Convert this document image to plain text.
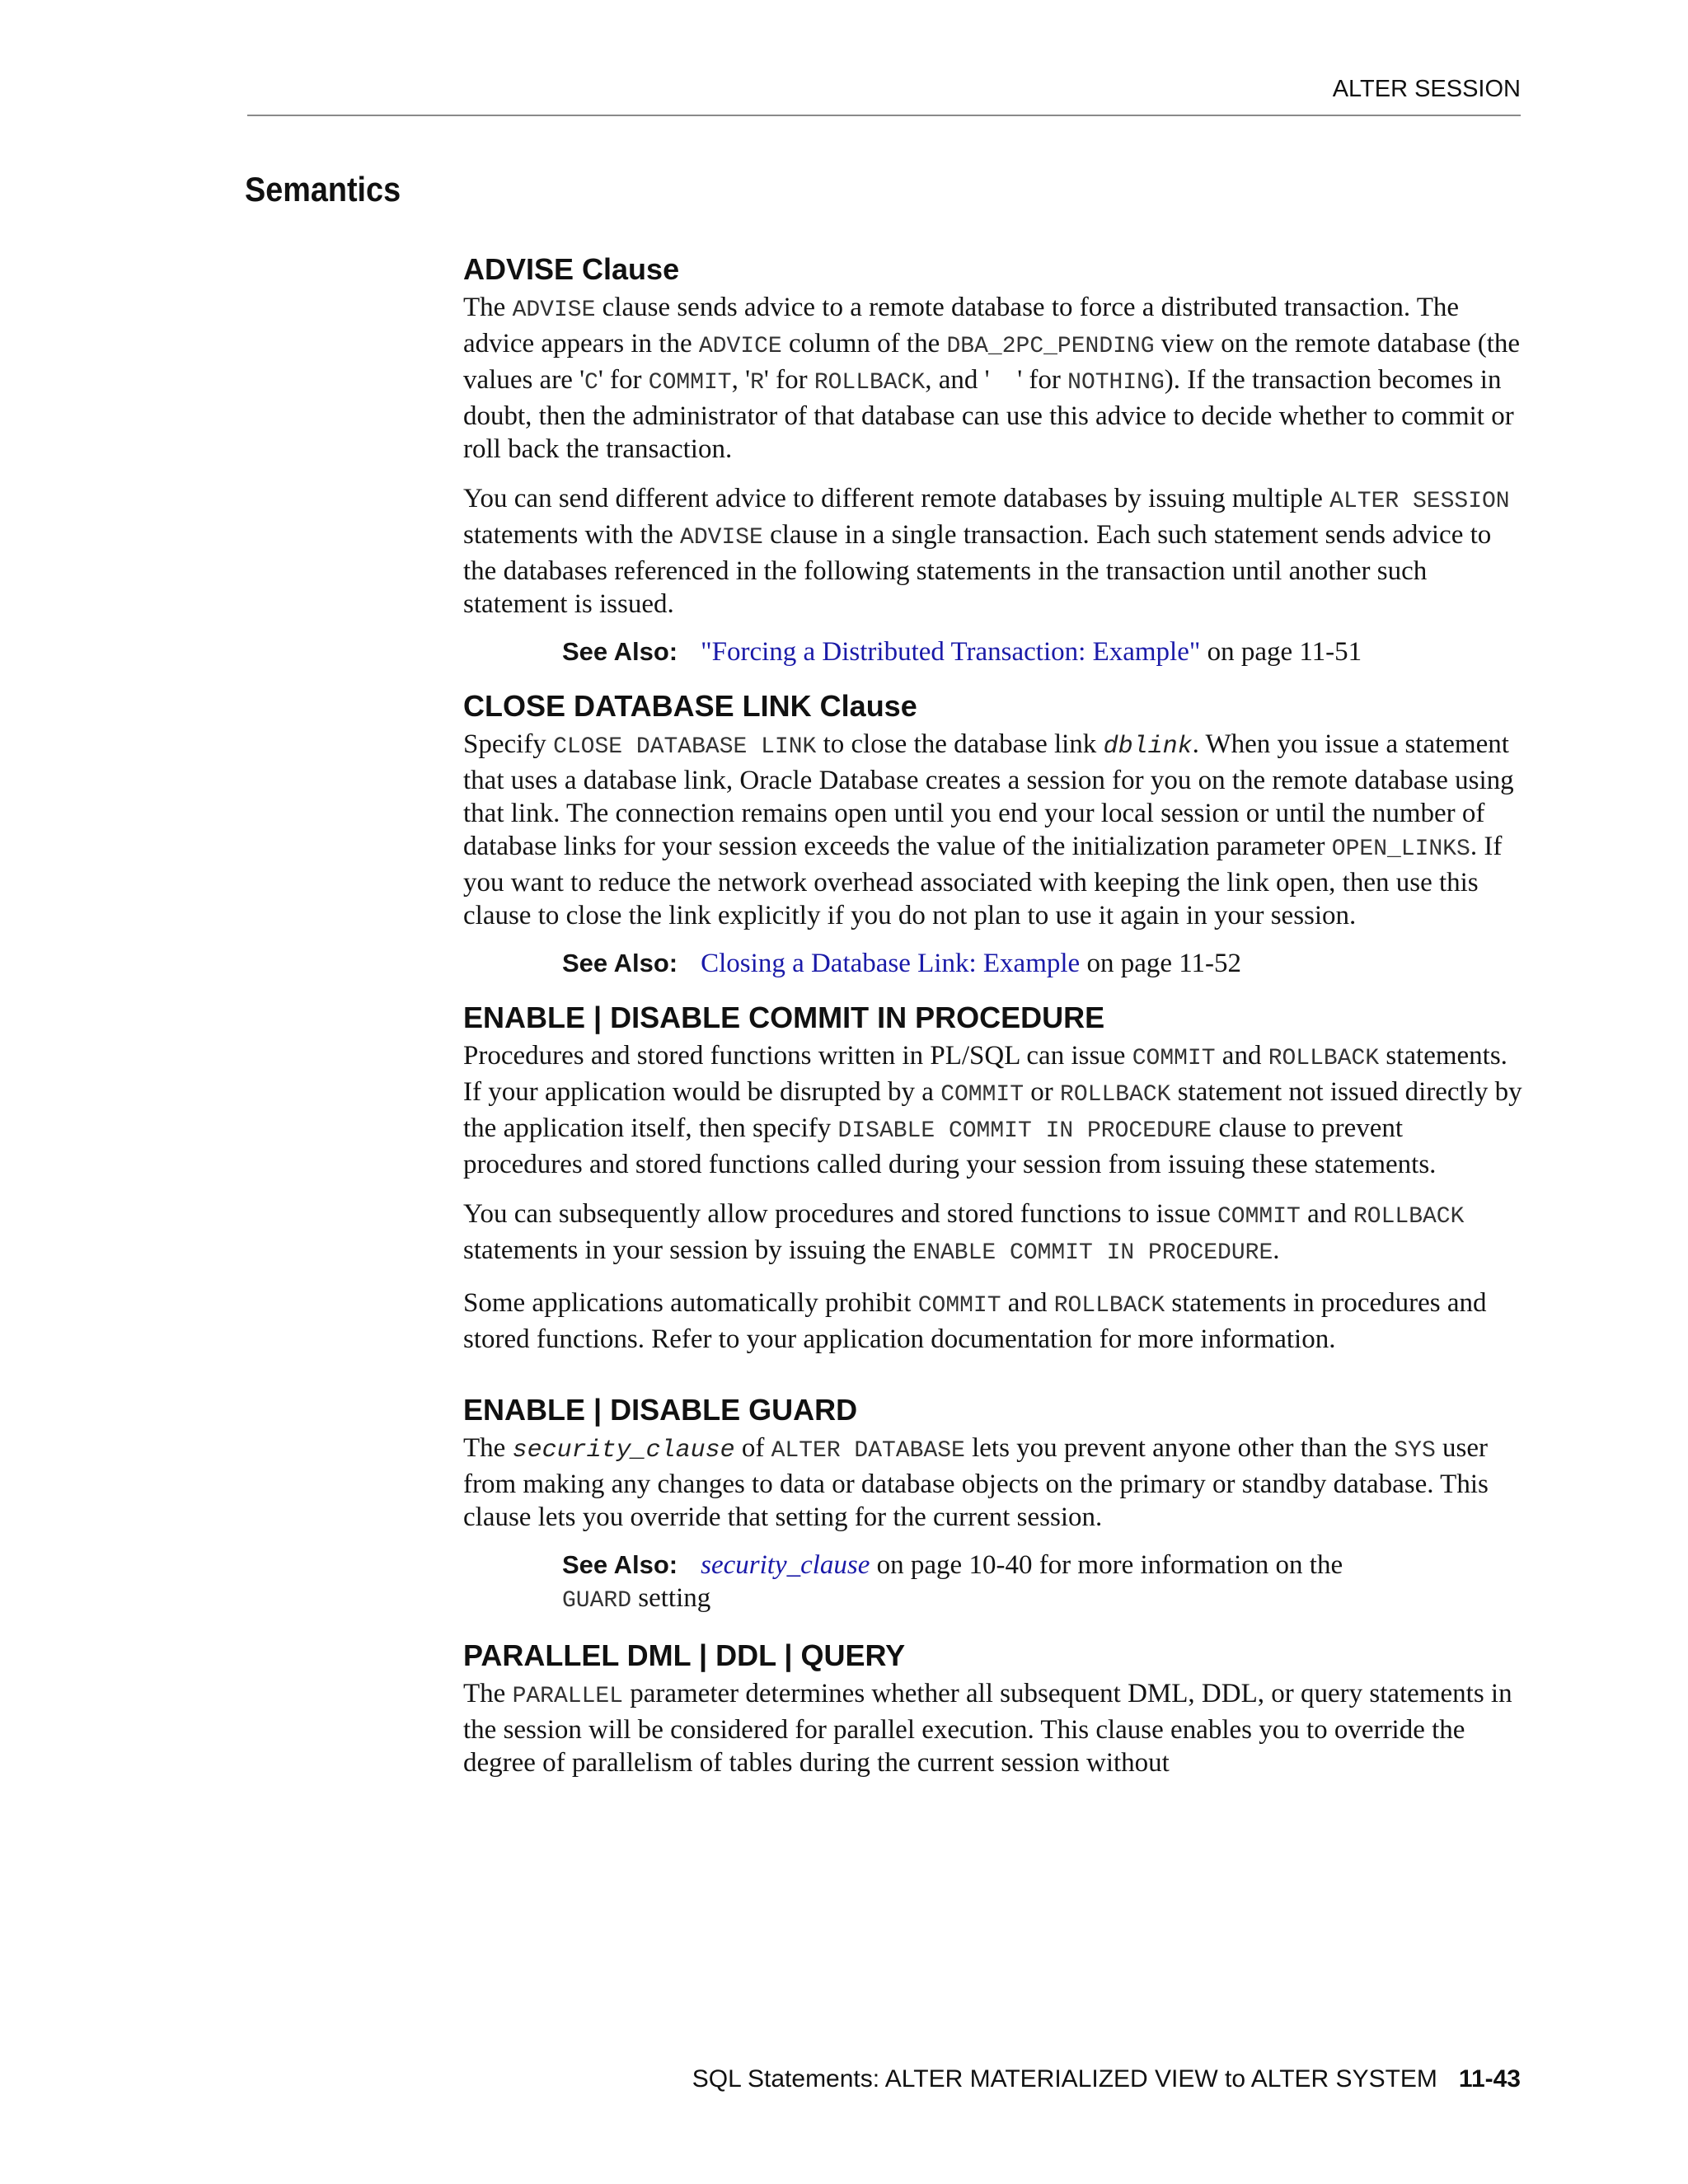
ALTER SESSION
Semantics
ADVISE Clause

The ADVISE clause sends advice to a remote database to force a distributed transaction. The advice appears in the ADVICE column of the DBA_2PC_PENDING view on the remote database (the values are 'C' for COMMIT, 'R' for ROLLBACK, and ' ' for NOTHING). If the transaction becomes in doubt, then the administrator of that database can use this advice to decide whether to commit or roll back the transaction.

You can send different advice to different remote databases by issuing multiple ALTER SESSION statements with the ADVISE clause in a single transaction. Each such statement sends advice to the databases referenced in the following statements in the transaction until another such statement is issued.

See Also: "Forcing a Distributed Transaction: Example" on page 11-51
CLOSE DATABASE LINK Clause

Specify CLOSE DATABASE LINK to close the database link dblink. When you issue a statement that uses a database link, Oracle Database creates a session for you on the remote database using that link. The connection remains open until you end your local session or until the number of database links for your session exceeds the value of the initialization parameter OPEN_LINKS. If you want to reduce the network overhead associated with keeping the link open, then use this clause to close the link explicitly if you do not plan to use it again in your session.

See Also: Closing a Database Link: Example on page 11-52
ENABLE | DISABLE COMMIT IN PROCEDURE

Procedures and stored functions written in PL/SQL can issue COMMIT and ROLLBACK statements. If your application would be disrupted by a COMMIT or ROLLBACK statement not issued directly by the application itself, then specify DISABLE COMMIT IN PROCEDURE clause to prevent procedures and stored functions called during your session from issuing these statements.

You can subsequently allow procedures and stored functions to issue COMMIT and ROLLBACK statements in your session by issuing the ENABLE COMMIT IN PROCEDURE.

Some applications automatically prohibit COMMIT and ROLLBACK statements in procedures and stored functions. Refer to your application documentation for more information.

ENABLE | DISABLE GUARD

The security_clause of ALTER DATABASE lets you prevent anyone other than the SYS user from making any changes to data or database objects on the primary or standby database. This clause lets you override that setting for the current session.

See Also: security_clause on page 10-40 for more information on the GUARD setting
PARALLEL DML | DDL | QUERY

The PARALLEL parameter determines whether all subsequent DML, DDL, or query statements in the session will be considered for parallel execution. This clause enables you to override the degree of parallelism of tables during the current session without

SQL Statements: ALTER MATERIALIZED VIEW to ALTER SYSTEM 11-43
